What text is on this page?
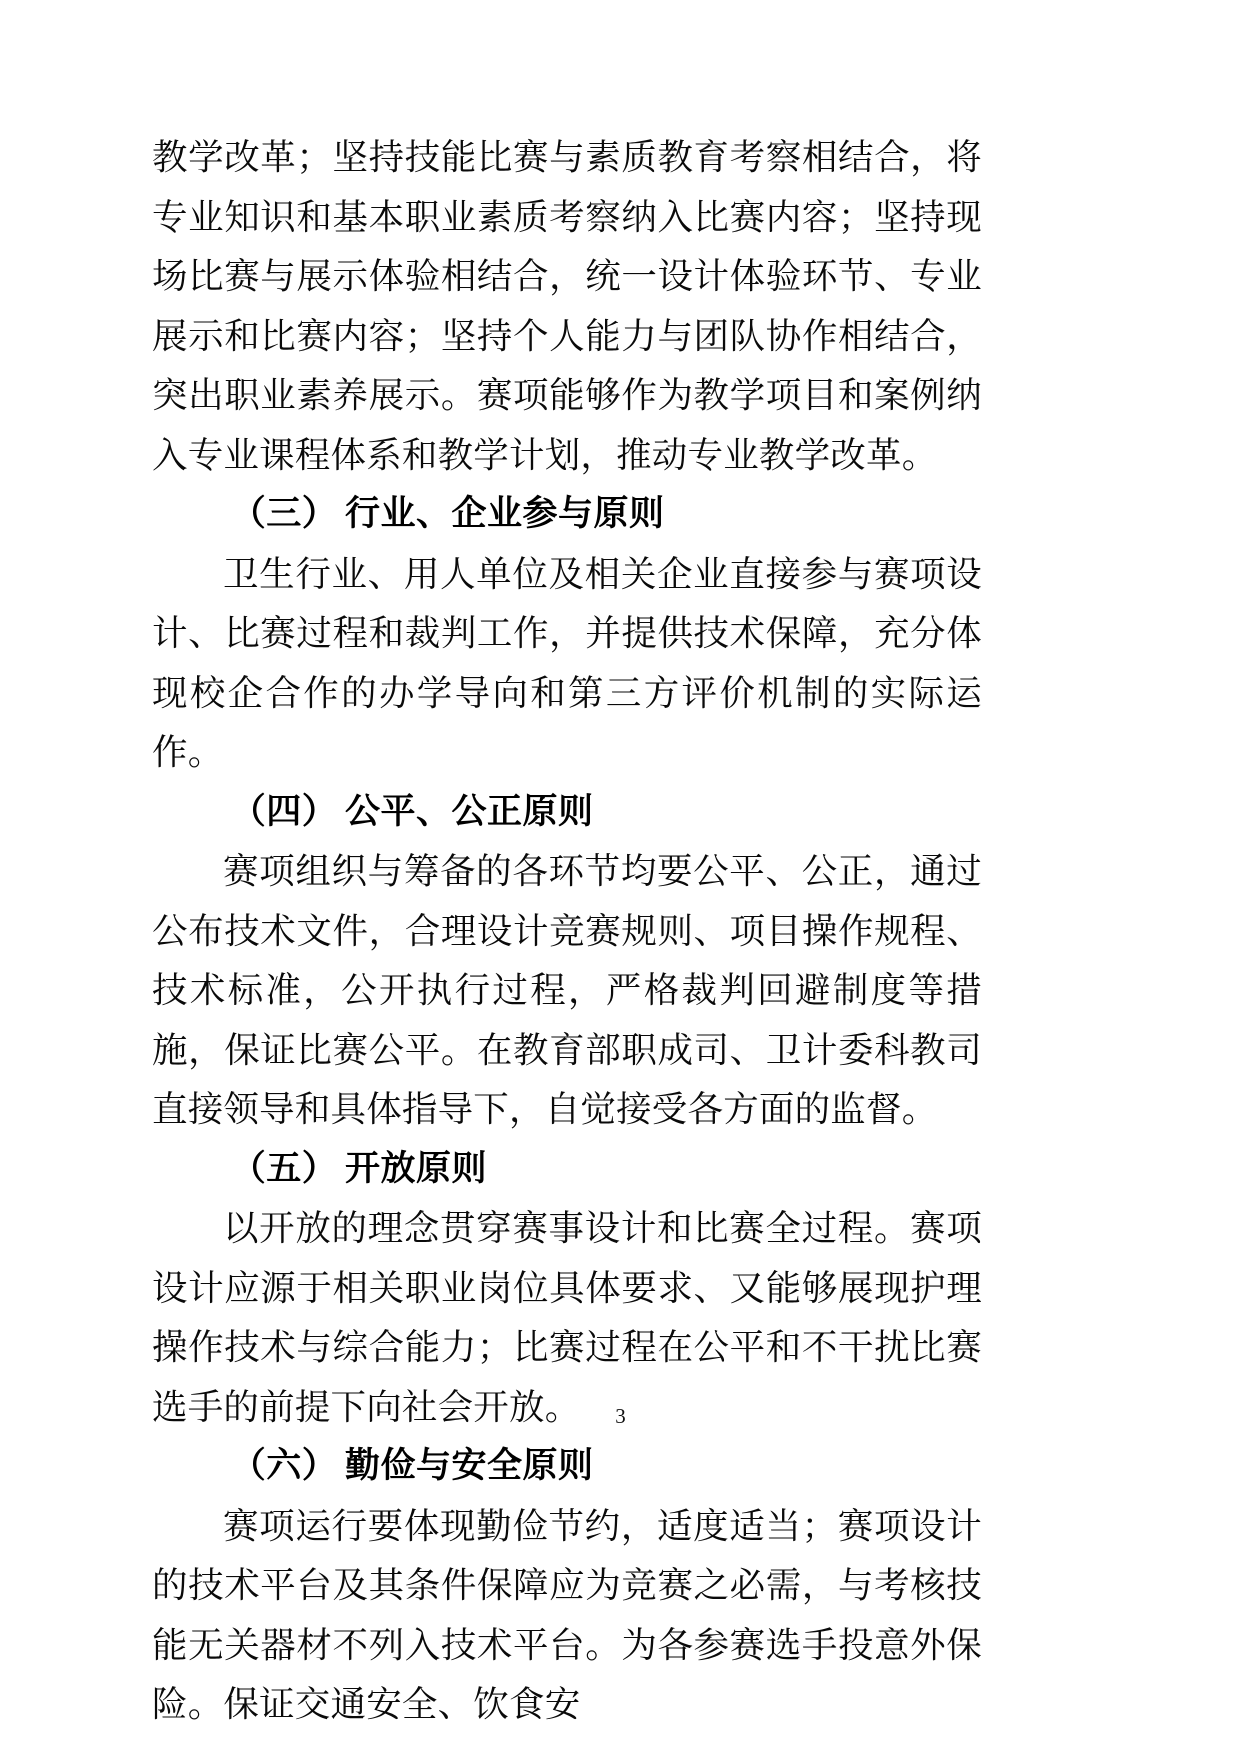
教学改革；坚持技能比赛与素质教育考察相结合，将专业知识和基本职业素质考察纳入比赛内容；坚持现场比赛与展示体验相结合，统一设计体验环节、专业展示和比赛内容；坚持个人能力与团队协作相结合，突出职业素养展示。赛项能够作为教学项目和案例纳入专业课程体系和教学计划，推动专业教学改革。

（三） 行业、企业参与原则

卫生行业、用人单位及相关企业直接参与赛项设计、比赛过程和裁判工作，并提供技术保障，充分体现校企合作的办学导向和第三方评价机制的实际运作。

（四） 公平、公正原则

赛项组织与筹备的各环节均要公平、公正，通过公布技术文件，合理设计竞赛规则、项目操作规程、技术标准，公开执行过程，严格裁判回避制度等措施，保证比赛公平。在教育部职成司、卫计委科教司直接领导和具体指导下，自觉接受各方面的监督。

（五） 开放原则

以开放的理念贯穿赛事设计和比赛全过程。赛项设计应源于相关职业岗位具体要求、又能够展现护理操作技术与综合能力；比赛过程在公平和不干扰比赛选手的前提下向社会开放。

（六） 勤俭与安全原则

赛项运行要体现勤俭节约，适度适当；赛项设计的技术平台及其条件保障应为竞赛之必需，与考核技能无关器材不列入技术平台。为各参赛选手投意外保险。保证交通安全、饮食安

3
